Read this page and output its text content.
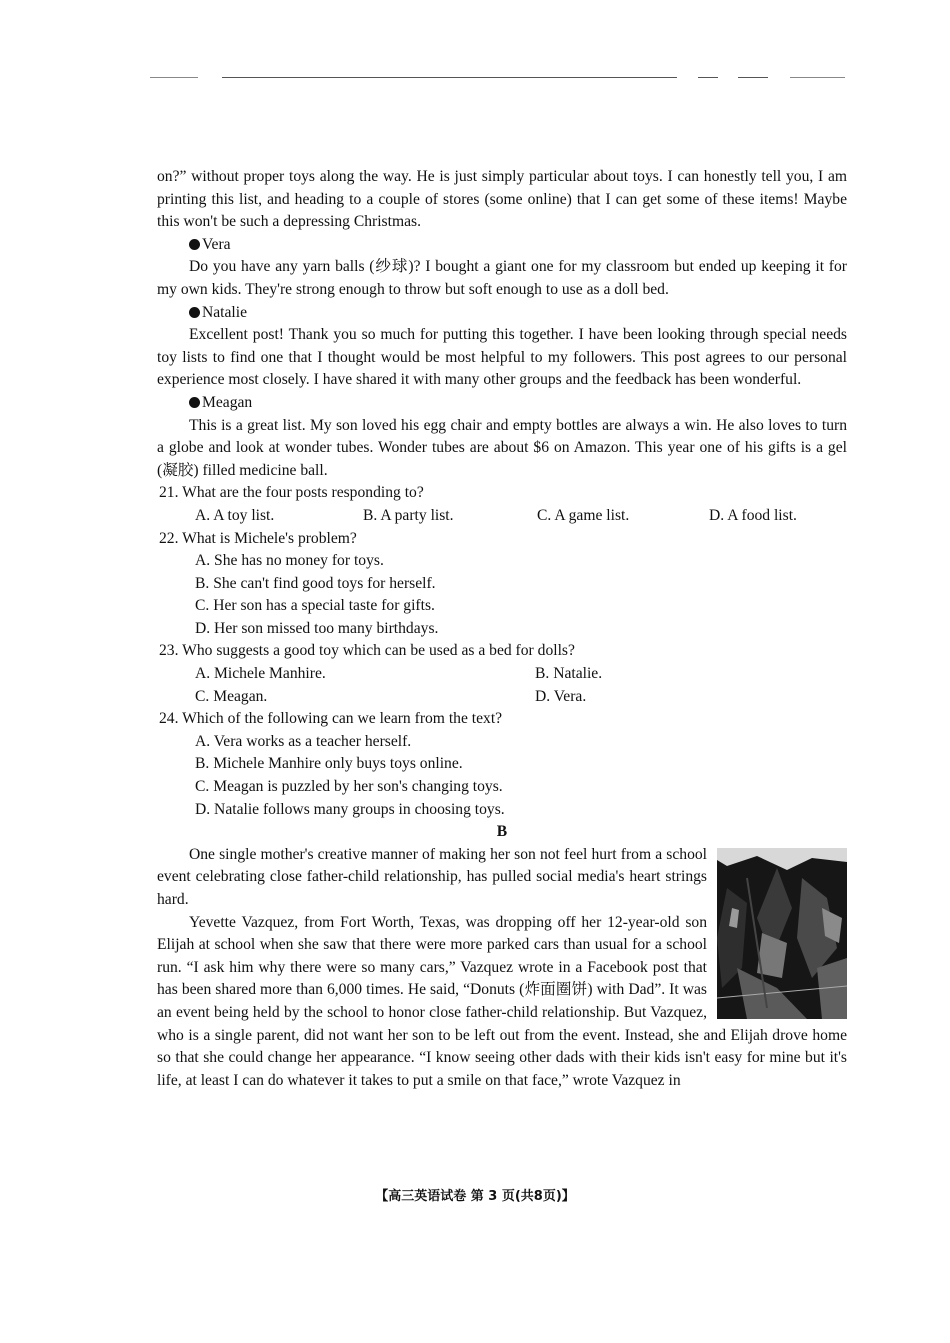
on?” without proper toys along the way. He is just simply particular about toys. I can honestly tell you, I am printing this list, and heading to a couple of stores (some online) that I can get some of these items! Maybe this won't be such a depressing Christmas.

Vera

Do you have any yarn balls (纱球)? I bought a giant one for my classroom but ended up keeping it for my own kids. They're strong enough to throw but soft enough to use as a doll bed.

Natalie

Excellent post! Thank you so much for putting this together. I have been looking through special needs toy lists to find one that I thought would be most helpful to my followers. This post agrees to our personal experience most closely. I have shared it with many other groups and the feedback has been wonderful.

Meagan

This is a great list. My son loved his egg chair and empty bottles are always a win. He also loves to turn a globe and look at wonder tubes. Wonder tubes are about $6 on Amazon. This year one of his gifts is a gel (凝胶) filled medicine ball.

21. What are the four posts responding to?

A. A toy list.	B. A party list.	C. A game list.	D. A food list.

22. What is Michele's problem?

A. She has no money for toys.

B. She can't find good toys for herself.

C. Her son has a special taste for gifts.

D. Her son missed too many birthdays.

23. Who suggests a good toy which can be used as a bed for dolls?

A. Michele Manhire.	B. Natalie.
C. Meagan.	D. Vera.

24. Which of the following can we learn from the text?

A. Vera works as a teacher herself.

B. Michele Manhire only buys toys online.

C. Meagan is puzzled by her son's changing toys.

D. Natalie follows many groups in choosing toys.

B

One single mother's creative manner of making her son not feel hurt from a school event celebrating close father-child relationship, has pulled social media's heart strings hard.

Yevette Vazquez, from Fort Worth, Texas, was dropping off her 12-year-old son Elijah at school when she saw that there were more parked cars than usual for a school run. “I ask him why there were so many cars,” Vazquez wrote in a Facebook post that has been shared more than 6,000 times. He said, “Donuts (炸面圈饼) with Dad”. It was an event being held by the school to honor close father-child relationship. But Vazquez, who is a single parent, did not want her son to be left out from the event. Instead, she and Elijah drove home so that she could change her appearance. “I know seeing other dads with their kids isn't easy for mine but it's life, at least I can do whatever it takes to put a smile on that face,” wrote Vazquez in

【高三英语试卷 第 3 页(共8页)】
